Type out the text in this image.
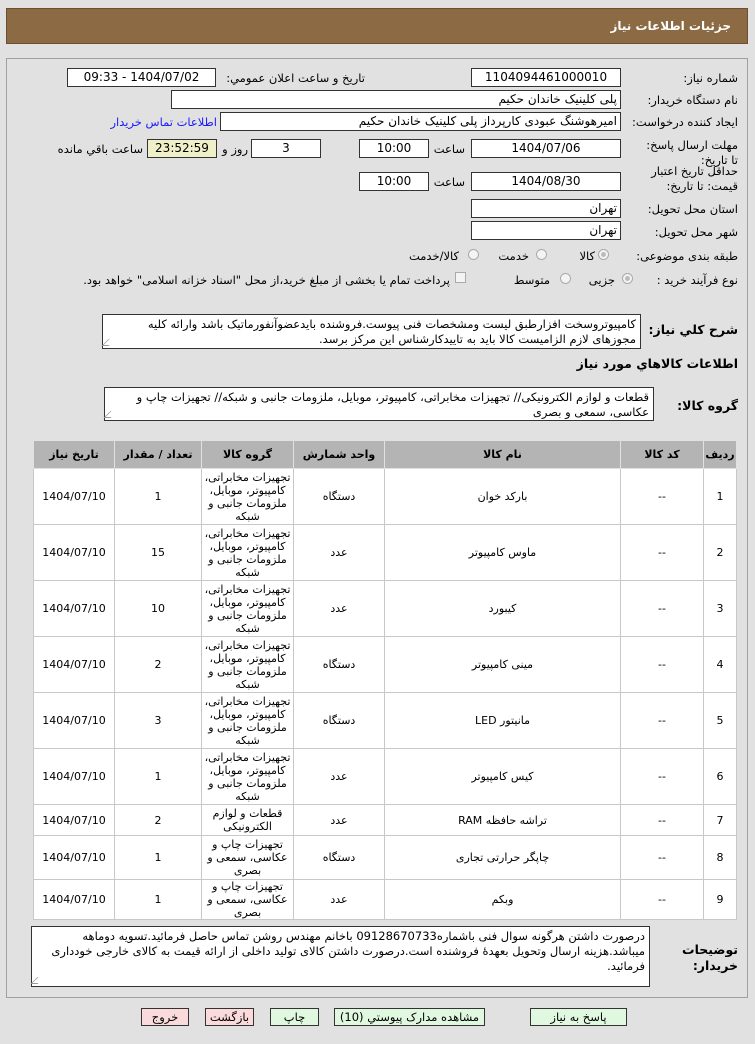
جزئیات اطلاعات نیاز
شماره نیاز:
1104094461000010
تاریخ و ساعت اعلان عمومي:
1404/07/02 - 09:33
نام دستگاه خریدار:
پلی کلینیک خاندان حکیم
ایجاد کننده درخواست:
امیرهوشنگ عبودی کارپرداز پلی کلینیک خاندان حکیم
اطلاعات تماس خریدار
مهلت ارسال پاسخ: تا تاریخ:
1404/07/06
ساعت
10:00
3
روز و
23:52:59
ساعت باقي مانده
حداقل تاریخ اعتبار قیمت: تا تاریخ:
1404/08/30
ساعت
10:00
استان محل تحویل:
تهران
شهر محل تحویل:
تهران
طبقه بندی موضوعی:
كالا
خدمت
كالا/خدمت
نوع فرآیند خرید :
جزیی
متوسط
پرداخت تمام یا بخشی از مبلغ خرید،از محل "اسناد خزانه اسلامی" خواهد بود.
شرح كلي نياز:
کامپیوتروسخت افزارطبق لیست ومشخصات فنی پیوست.فروشنده بایدعضوآنفورماتیک باشد وارائه کلیه مجوزهای لازم الزامیست کالا باید به تاییدکارشناس این مرکز برسد.
اطلاعات كالاهاي مورد نياز
گروه كالا:
قطعات و لوازم الکترونیکی// تجهیزات مخابراتی، کامپیوتر، موبایل، ملزومات جانبی و شبکه// تجهیزات چاپ و عکاسی، سمعی و بصری
ردیف	کد کالا	نام کالا	واحد شمارش	گروه کالا	تعداد / مقدار	تاریخ نیاز
1	--	بارکد خوان	دستگاه	تجهیزات مخابراتی، کامپیوتر، موبایل، ملزومات جانبی و شبکه	1	1404/07/10
2	--	ماوس کامپیوتر	عدد	تجهیزات مخابراتی، کامپیوتر، موبایل، ملزومات جانبی و شبکه	15	1404/07/10
3	--	کیبورد	عدد	تجهیزات مخابراتی، کامپیوتر، موبایل، ملزومات جانبی و شبکه	10	1404/07/10
4	--	مینی کامپیوتر	دستگاه	تجهیزات مخابراتی، کامپیوتر، موبایل، ملزومات جانبی و شبکه	2	1404/07/10
5	--	مانیتور LED	دستگاه	تجهیزات مخابراتی، کامپیوتر، موبایل، ملزومات جانبی و شبکه	3	1404/07/10
6	--	کیس کامپیوتر	عدد	تجهیزات مخابراتی، کامپیوتر، موبایل، ملزومات جانبی و شبکه	1	1404/07/10
7	--	تراشه حافظه RAM	عدد	قطعات و لوازم الکترونیکی	2	1404/07/10
8	--	چاپگر حرارتی تجاری	دستگاه	تجهیزات چاپ و عکاسی، سمعی و بصری	1	1404/07/10
9	--	وبکم	عدد	تجهیزات چاپ و عکاسی، سمعی و بصری	1	1404/07/10
توضیحات خریدار:
درصورت داشتن هرگونه سوال فنی باشماره09128670733 باخانم مهندس روشن تماس حاصل فرمائید.تسویه دوماهه میباشد.هزینه ارسال وتحویل بعهدهٔ فروشنده است.درصورت داشتن کالای تولید داخلی از ارائه قیمت به کالای خارجی خودداری فرمائید.
پاسخ به نیاز
مشاهده مدارک پیوستي (10)
چاپ
بازگشت
خروج
